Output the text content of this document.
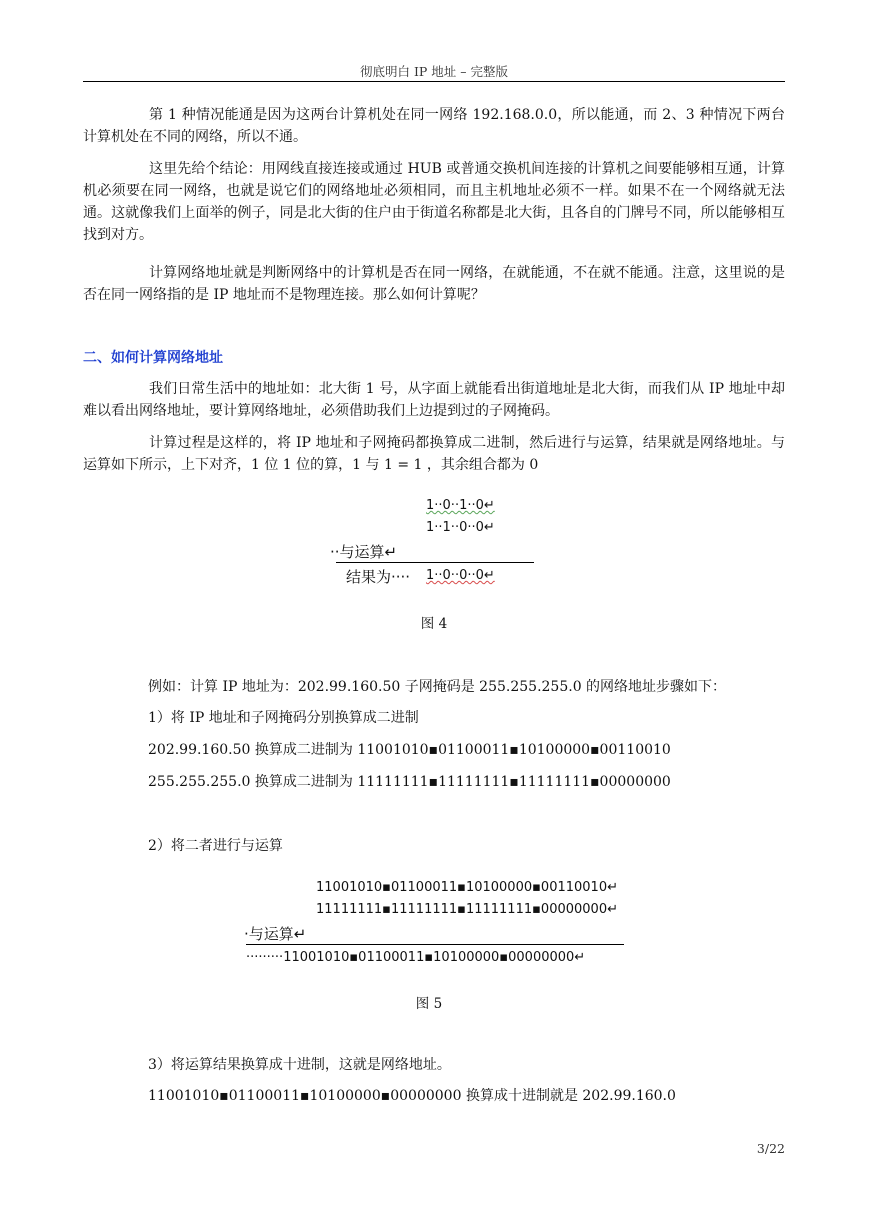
彻底明白 IP 地址 – 完整版

第 1 种情况能通是因为这两台计算机处在同一网络 192.168.0.0，所以能通，而 2、3 种情况下两台计算机处在不同的网络，所以不通。

这里先给个结论：用网线直接连接或通过 HUB 或普通交换机间连接的计算机之间要能够相互通，计算机必须要在同一网络，也就是说它们的网络地址必须相同，而且主机地址必须不一样。如果不在一个网络就无法通。这就像我们上面举的例子，同是北大街的住户由于街道名称都是北大街，且各自的门牌号不同，所以能够相互找到对方。

计算网络地址就是判断网络中的计算机是否在同一网络，在就能通，不在就不能通。注意，这里说的是否在同一网络指的是 IP 地址而不是物理连接。那么如何计算呢？

二、如何计算网络地址

我们日常生活中的地址如：北大街 1 号，从字面上就能看出街道地址是北大街，而我们从 IP 地址中却难以看出网络地址，要计算网络地址，必须借助我们上边提到过的子网掩码。

计算过程是这样的，将 IP 地址和子网掩码都换算成二进制，然后进行与运算，结果就是网络地址。与运算如下所示，上下对齐，1 位 1 位的算，1 与 1 = 1 ，其余组合都为 0

1··0··1··0↵
1··1··0··0↵
··与运算↵
结果为···· 1··0··0··0↵
图 4
例如：计算 IP 地址为：202.99.160.50 子网掩码是 255.255.255.0 的网络地址步骤如下：
1）将 IP 地址和子网掩码分别换算成二进制
202.99.160.50 换算成二进制为 11001010▪01100011▪10100000▪00110010
255.255.255.0 换算成二进制为 11111111▪11111111▪11111111▪00000000
2）将二者进行与运算
11001010▪01100011▪10100000▪00110010↵
11111111▪11111111▪11111111▪00000000↵
·与运算↵
·········11001010▪01100011▪10100000▪00000000↵
图 5
3）将运算结果换算成十进制，这就是网络地址。
11001010▪01100011▪10100000▪00000000 换算成十进制就是 202.99.160.0
3/22
